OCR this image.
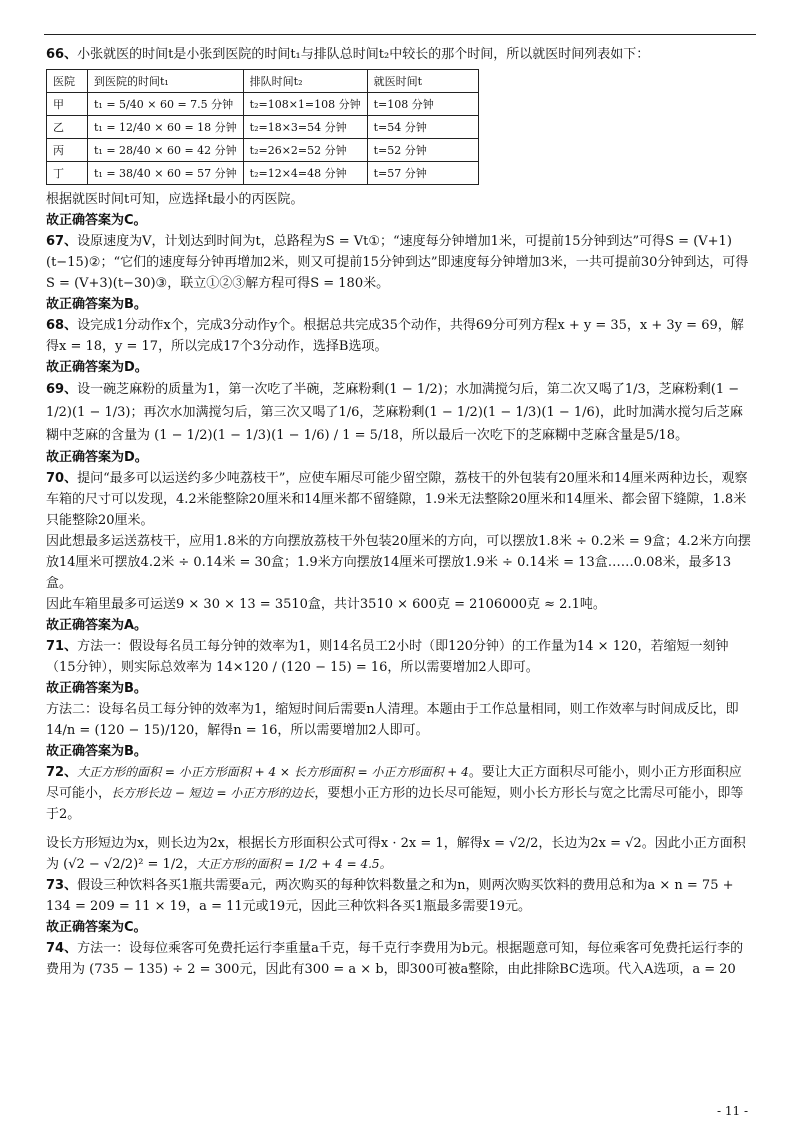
66、小张就医的时间t是小张到医院的时间t₁与排队总时间t₂中较长的那个时间，所以就医时间列表如下：

医院	到医院的时间t₁	排队时间t₂	就医时间t
甲	t₁ = 5/40 × 60 = 7.5 分钟	t₂=108×1=108 分钟	t=108 分钟
乙	t₁ = 12/40 × 60 = 18 分钟	t₂=18×3=54 分钟	t=54 分钟
丙	t₁ = 28/40 × 60 = 42 分钟	t₂=26×2=52 分钟	t=52 分钟
丁	t₁ = 38/40 × 60 = 57 分钟	t₂=12×4=48 分钟	t=57 分钟

根据就医时间t可知，应选择t最小的丙医院。

故正确答案为C。

67、设原速度为V，计划达到时间为t，总路程为S = Vt①；“速度每分钟增加1米，可提前15分钟到达”可得S = (V+1)(t−15)②；“它们的速度每分钟再增加2米，则又可提前15分钟到达”即速度每分钟增加3米，一共可提前30分钟到达，可得S = (V+3)(t−30)③，联立①②③解方程可得S = 180米。

故正确答案为B。

68、设完成1分动作x个，完成3分动作y个。根据总共完成35个动作，共得69分可列方程x + y = 35，x + 3y = 69，解得x = 18，y = 17，所以完成17个3分动作，选择B选项。

故正确答案为D。

69、设一碗芝麻粉的质量为1，第一次吃了半碗，芝麻粉剩(1 − 1/2)；水加满搅匀后，第二次又喝了1/3，芝麻粉剩(1 − 1/2)(1 − 1/3)；再次水加满搅匀后，第三次又喝了1/6，芝麻粉剩(1 − 1/2)(1 − 1/3)(1 − 1/6)，此时加满水搅匀后芝麻糊中芝麻的含量为 (1 − 1/2)(1 − 1/3)(1 − 1/6) / 1 = 5/18，所以最后一次吃下的芝麻糊中芝麻含量是5/18。

故正确答案为D。

70、提问“最多可以运送约多少吨荔枝干”，应使车厢尽可能少留空隙，荔枝干的外包装有20厘米和14厘米两种边长，观察车箱的尺寸可以发现，4.2米能整除20厘米和14厘米都不留缝隙，1.9米无法整除20厘米和14厘米、都会留下缝隙，1.8米只能整除20厘米。

因此想最多运送荔枝干，应用1.8米的方向摆放荔枝干外包装20厘米的方向，可以摆放1.8米 ÷ 0.2米 = 9盒；4.2米方向摆放14厘米可摆放4.2米 ÷ 0.14米 = 30盒；1.9米方向摆放14厘米可摆放1.9米 ÷ 0.14米 = 13盒……0.08米，最多13盒。

因此车箱里最多可运送9 × 30 × 13 = 3510盒，共计3510 × 600克 = 2106000克 ≈ 2.1吨。

故正确答案为A。

71、方法一：假设每名员工每分钟的效率为1，则14名员工2小时（即120分钟）的工作量为14 × 120，若缩短一刻钟（15分钟），则实际总效率为 14×120 / (120 − 15) = 16，所以需要增加2人即可。

故正确答案为B。

方法二：设每名员工每分钟的效率为1，缩短时间后需要n人清理。本题由于工作总量相同，则工作效率与时间成反比，即 14/n = (120 − 15)/120，解得n = 16，所以需要增加2人即可。

故正确答案为B。

72、大正方形的面积 = 小正方形面积 + 4 × 长方形面积 = 小正方形面积 + 4。要让大正方面积尽可能小，则小正方形面积应尽可能小，长方形长边 − 短边 = 小正方形的边长，要想小正方形的边长尽可能短，则小长方形长与宽之比需尽可能小，即等于2。

设长方形短边为x，则长边为2x，根据长方形面积公式可得x · 2x = 1，解得x = √2/2，长边为2x = √2。因此小正方面积为 (√2 − √2/2)² = 1/2，大正方形的面积 = 1/2 + 4 = 4.5。

73、假设三种饮料各买1瓶共需要a元，两次购买的每种饮料数量之和为n，则两次购买饮料的费用总和为a × n = 75 + 134 = 209 = 11 × 19，a = 11元或19元，因此三种饮料各买1瓶最多需要19元。

故正确答案为C。

74、方法一：设每位乘客可免费托运行李重量a千克，每千克行李费用为b元。根据题意可知，每位乘客可免费托运行李的费用为 (735 − 135) ÷ 2 = 300元，因此有300 = a × b，即300可被a整除，由此排除BC选项。代入A选项，a = 20

- 11 -
